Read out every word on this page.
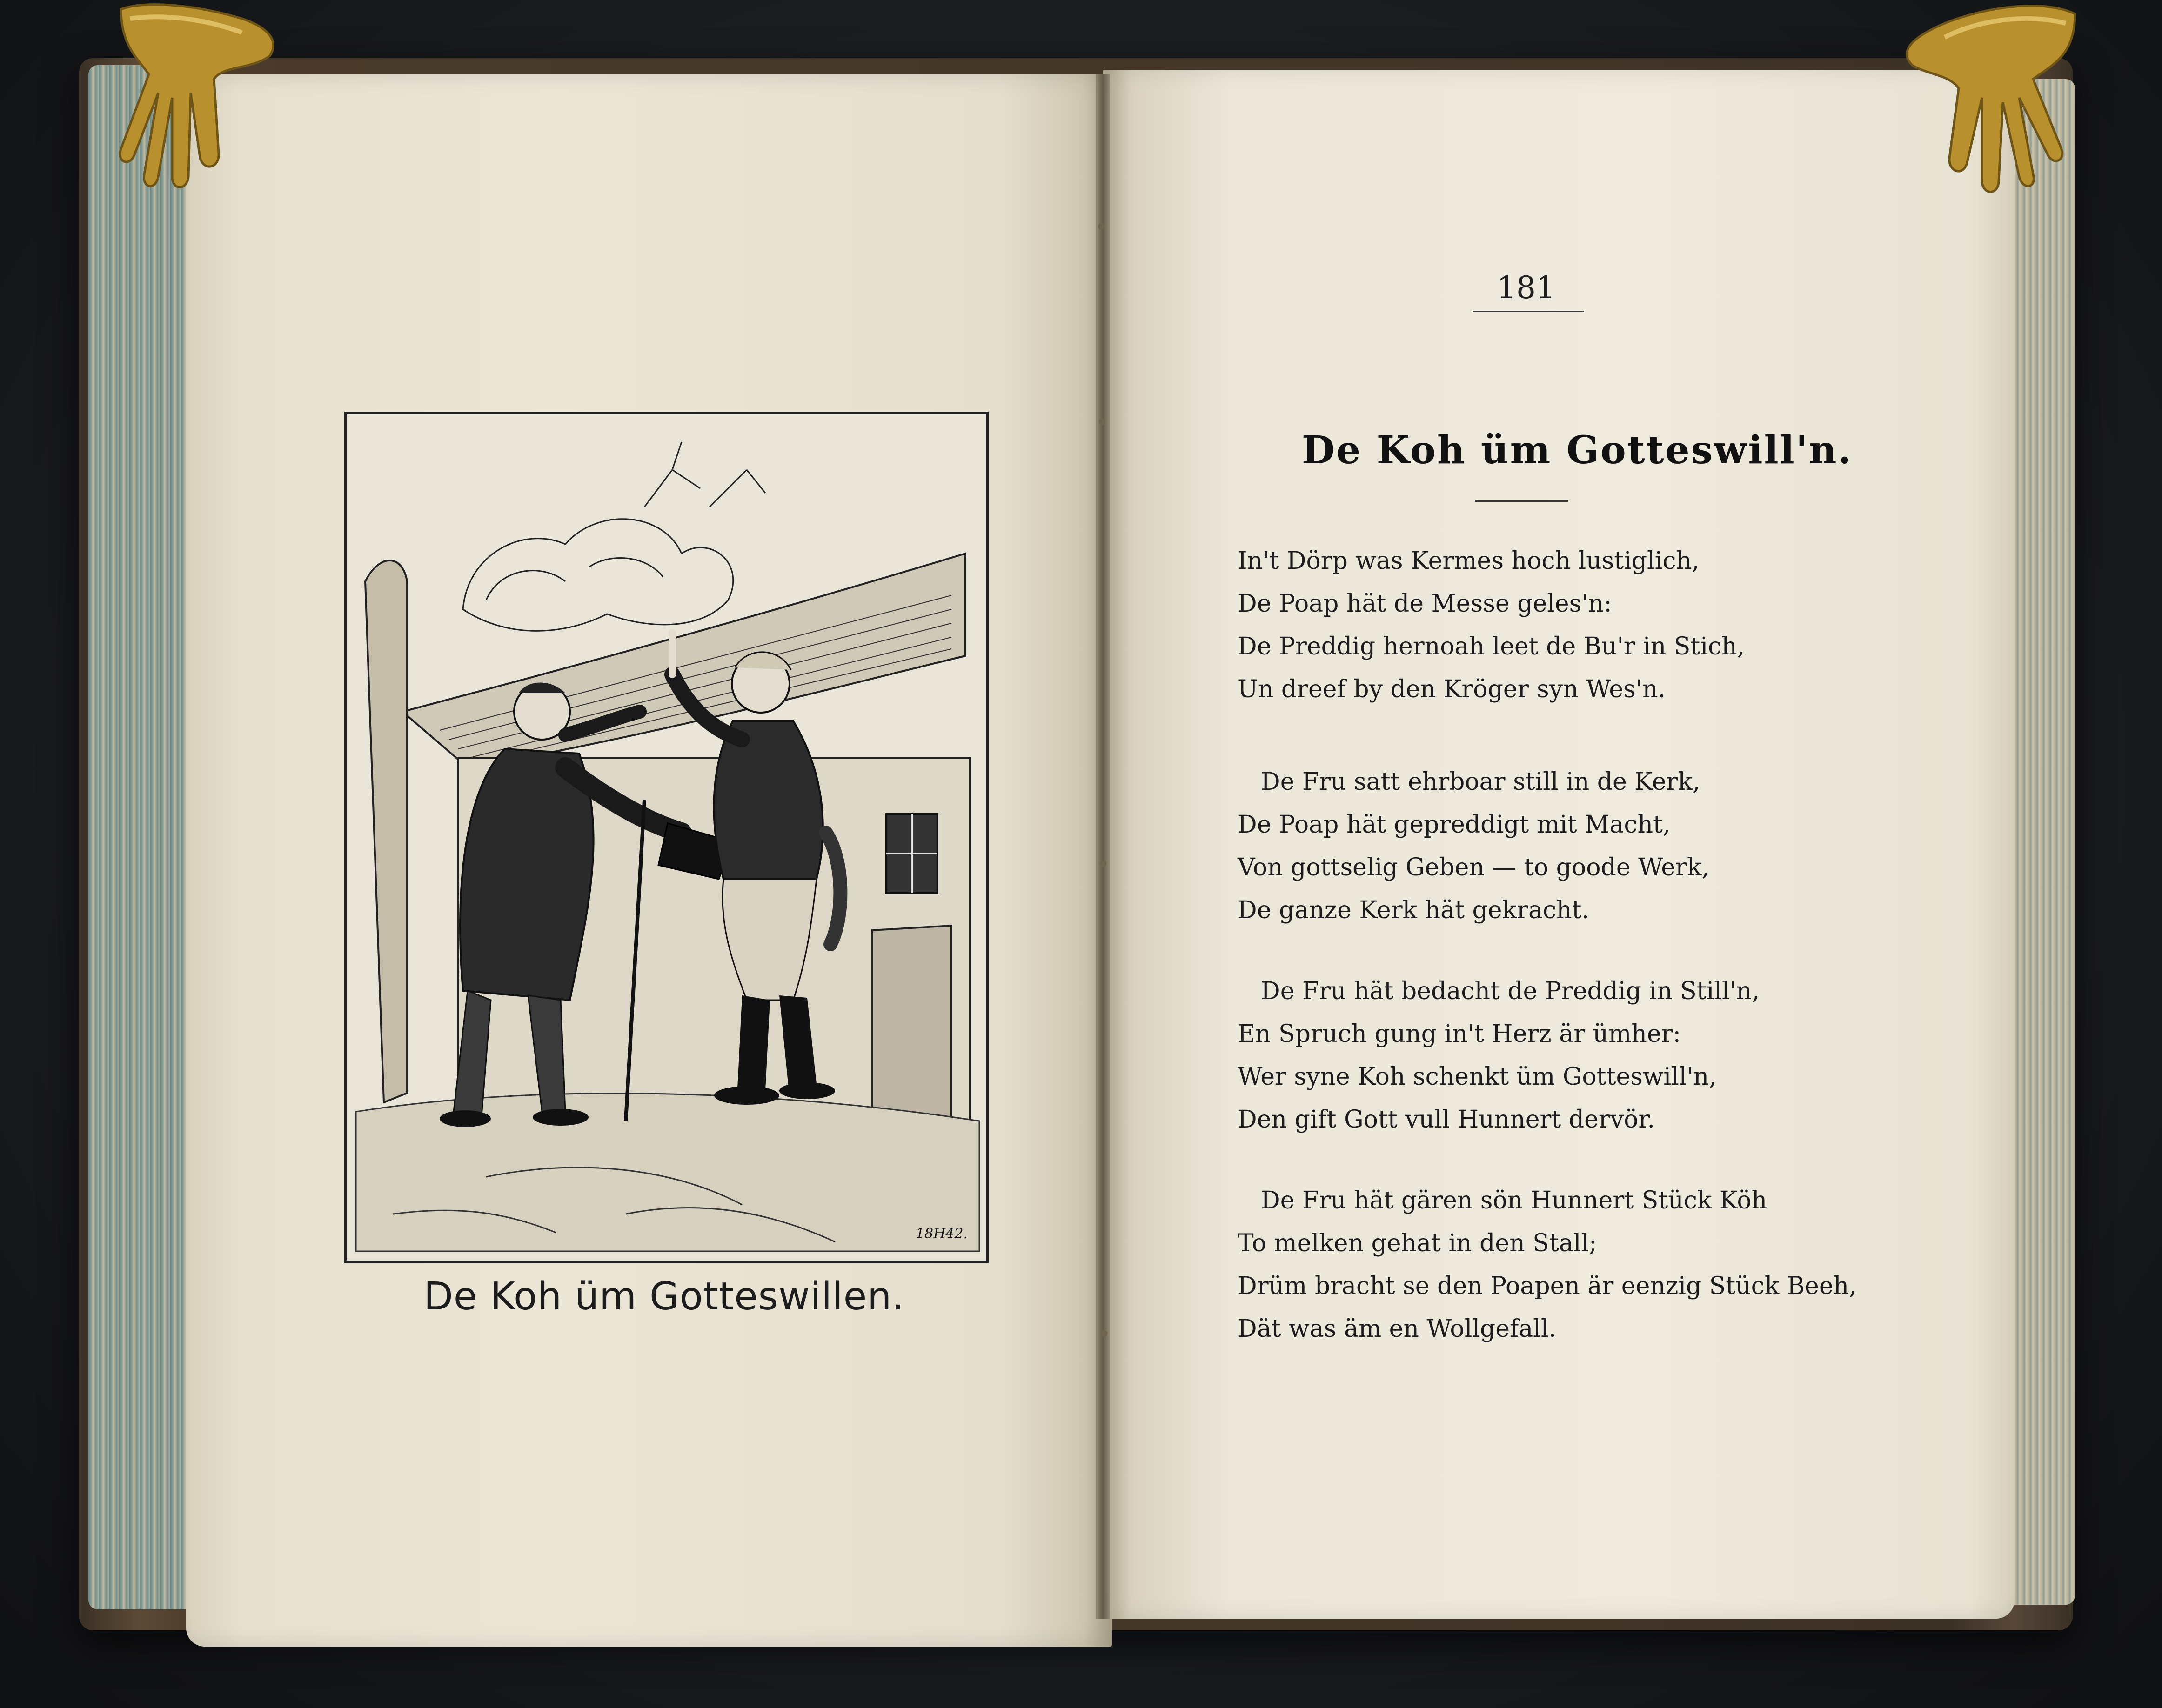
18H42.
De Koh üm Gotteswillen.
181
De Koh üm Gotteswill'n.
In't Dörp was Kermes hoch lustiglich,
De Poap hät de Messe geles'n:
De Preddig hernoah leet de Bu'r in Stich,
Un dreef by den Kröger syn Wes'n.
De Fru satt ehrboar still in de Kerk,
De Poap hät gepreddigt mit Macht,
Von gottselig Geben — to goode Werk,
De ganze Kerk hät gekracht.
De Fru hät bedacht de Preddig in Still'n,
En Spruch gung in't Herz är ümher:
Wer syne Koh schenkt üm Gotteswill'n,
Den gift Gott vull Hunnert dervör.
De Fru hät gären sön Hunnert Stück Köh
To melken gehat in den Stall;
Drüm bracht se den Poapen är eenzig Stück Beeh,
Dät was äm en Wollgefall.
